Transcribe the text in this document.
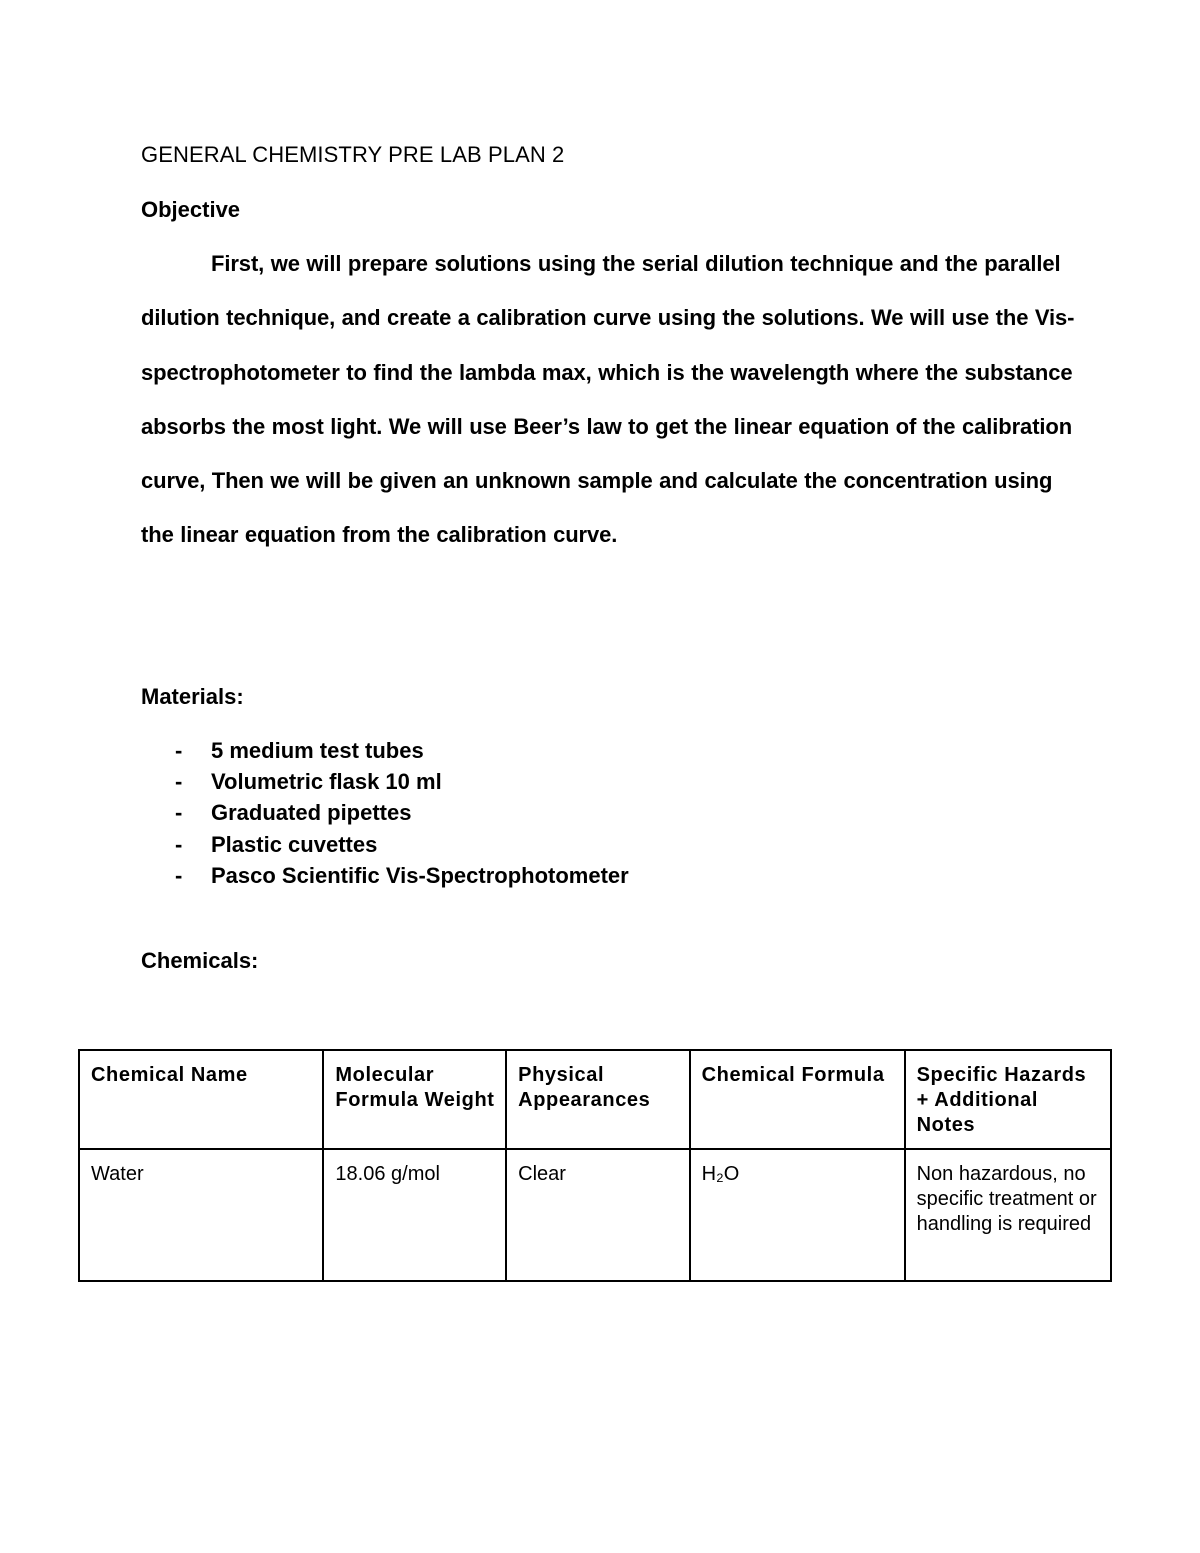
GENERAL CHEMISTRY PRE LAB PLAN 2
Objective

First, we will prepare solutions using the serial dilution technique and the parallel dilution technique, and create a calibration curve using the solutions. We will use the Vis-spectrophotometer to find the lambda max, which is the wavelength where the substance absorbs the most light. We will use Beer’s law to get the linear equation of the calibration curve, Then we will be given an unknown sample and calculate the concentration using the linear equation from the calibration curve.

Materials:
- 5 medium test tubes
- Volumetric flask 10 ml
- Graduated pipettes
- Plastic cuvettes
- Pasco Scientific Vis-Spectrophotometer
Chemicals:
Chemical Name	Molecular Formula Weight	Physical Appearances	Chemical Formula	Specific Hazards + Additional Notes
Water	18.06 g/mol	Clear	H₂O	Non hazardous, no specific treatment or handling is required
